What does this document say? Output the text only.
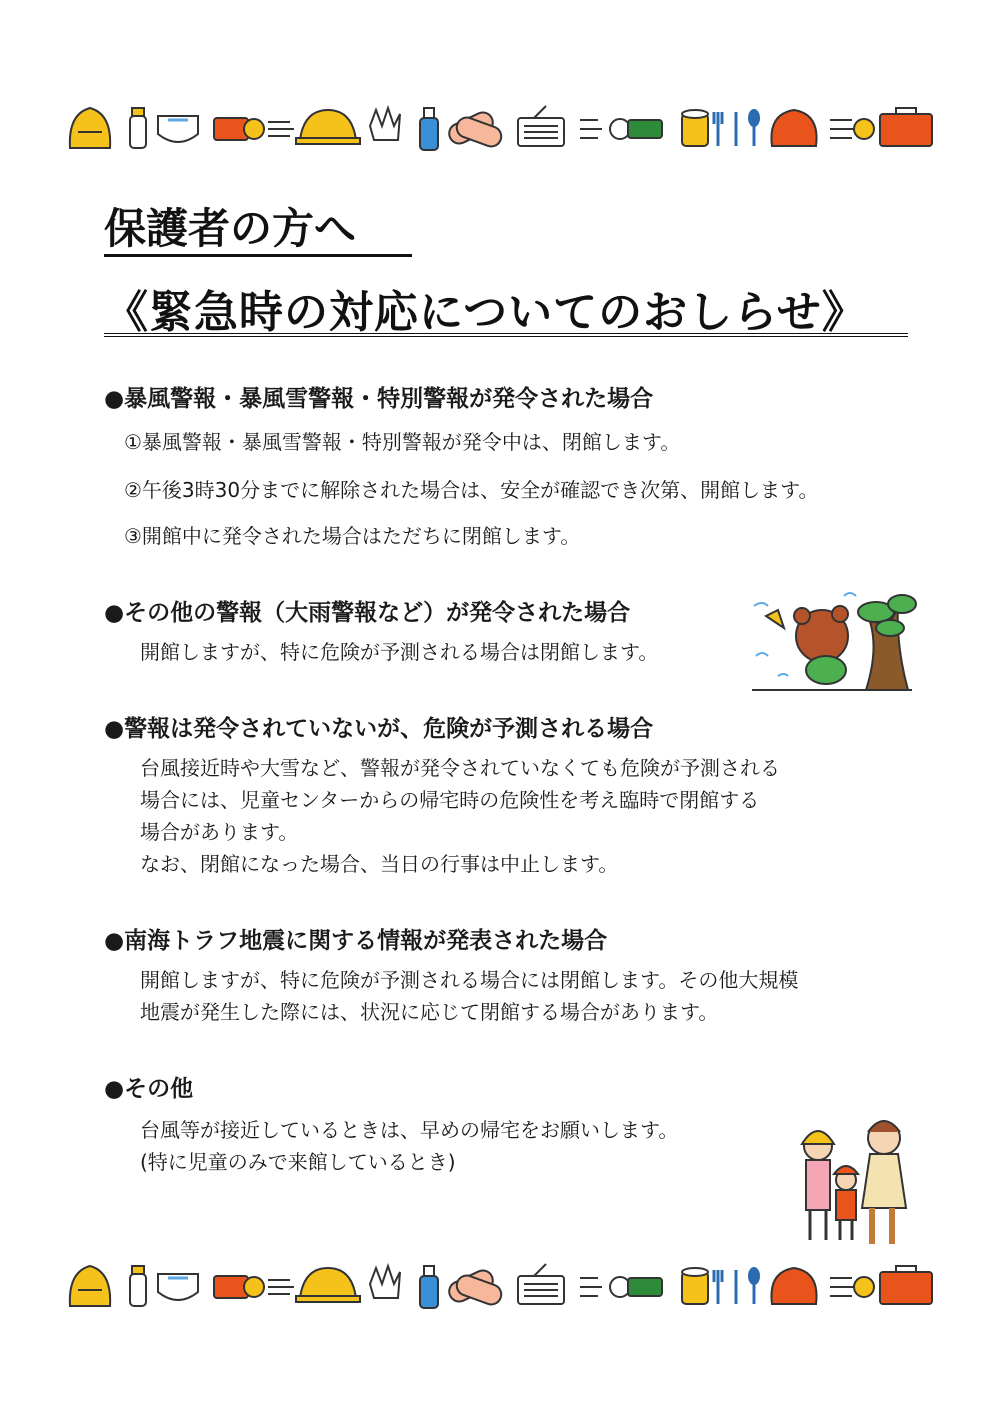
保護者の方へ
《緊急時の対応についてのおしらせ》
●暴風警報・暴風雪警報・特別警報が発令された場合
①暴風警報・暴風雪警報・特別警報が発令中は、閉館します。
②午後3時30分までに解除された場合は、安全が確認でき次第、開館します。
③開館中に発令された場合はただちに閉館します。
●その他の警報（大雨警報など）が発令された場合
開館しますが、特に危険が予測される場合は閉館します。
●警報は発令されていないが、危険が予測される場合
台風接近時や大雪など、警報が発令されていなくても危険が予測される
場合には、児童センターからの帰宅時の危険性を考え臨時で閉館する
場合があります。
なお、閉館になった場合、当日の行事は中止します。
●南海トラフ地震に関する情報が発表された場合
開館しますが、特に危険が予測される場合には閉館します。その他大規模
地震が発生した際には、状況に応じて閉館する場合があります。
●その他
台風等が接近しているときは、早めの帰宅をお願いします。
(特に児童のみで来館しているとき)
